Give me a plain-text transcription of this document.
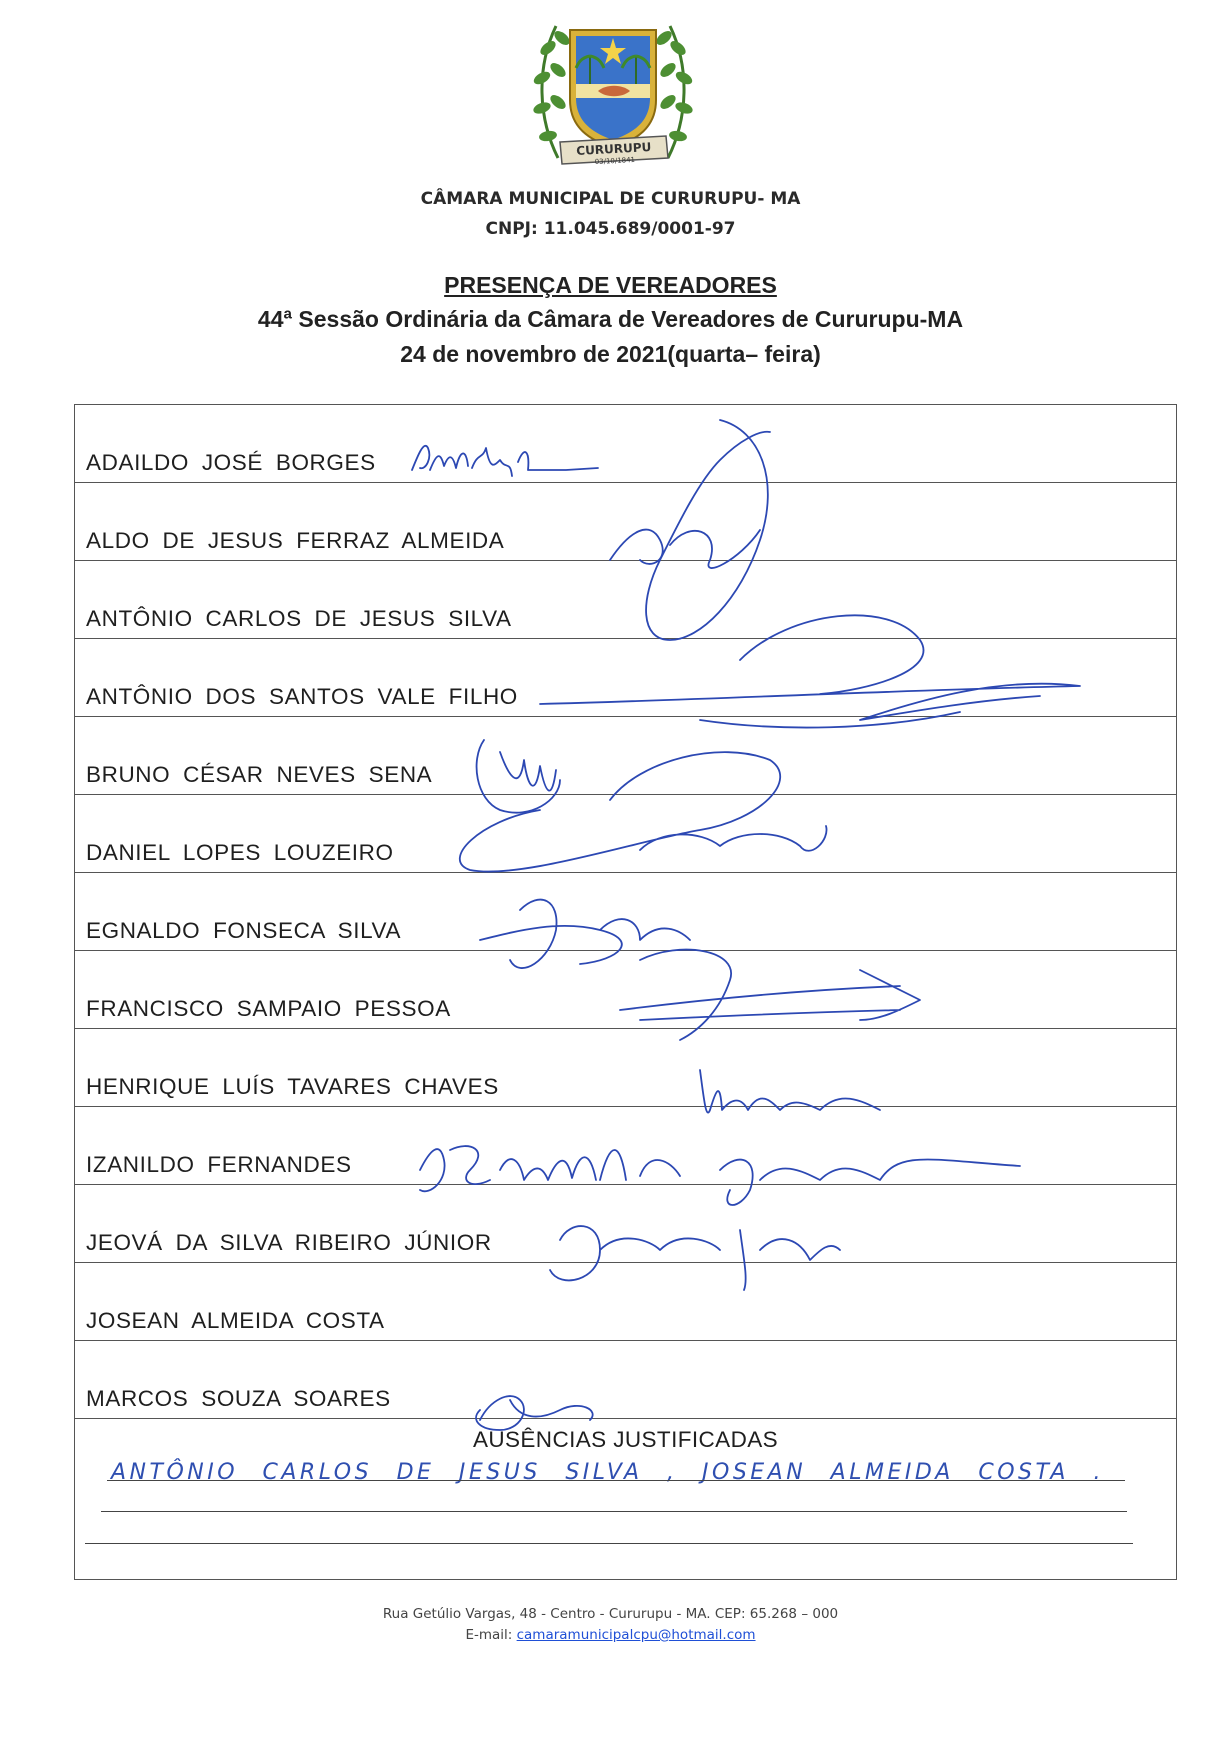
CURURUPU
03/10/1841
CÂMARA MUNICIPAL DE CURURUPU- MA
CNPJ: 11.045.689/0001-97
PRESENÇA DE VEREADORES
44ª Sessão Ordinária da Câmara de Vereadores de Cururupu-MA
24 de novembro de 2021(quarta– feira)
ADAILDO JOSÉ BORGES
ALDO DE JESUS FERRAZ ALMEIDA
ANTÔNIO CARLOS DE JESUS SILVA
ANTÔNIO DOS SANTOS VALE FILHO
BRUNO CÉSAR NEVES SENA
DANIEL LOPES LOUZEIRO
EGNALDO FONSECA SILVA
FRANCISCO SAMPAIO PESSOA
HENRIQUE LUÍS TAVARES CHAVES
IZANILDO FERNANDES
JEOVÁ DA SILVA RIBEIRO JÚNIOR
JOSEAN ALMEIDA COSTA
MARCOS SOUZA SOARES
AUSÊNCIAS JUSTIFICADAS
ANTÔNIO CARLOS DE JESUS SILVA , JOSEAN ALMEIDA COSTA .
Rua Getúlio Vargas, 48 - Centro - Cururupu - MA. CEP: 65.268 – 000
E-mail: camaramunicipalcpu@hotmail.com
